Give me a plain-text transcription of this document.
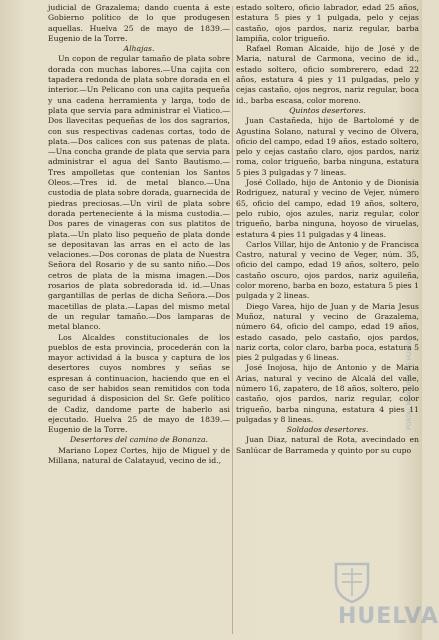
judicial de Grazalema; dando cuenta á este Gobierno político de lo que produgesen aquellas. Huelva 25 de mayo de 1839.—Eugenio de la Torre.

Alhajas.

Un copon de regular tamaño de plata sobre dorada con muchas labores.—Una cajita con tapadera redonda de plata sobre dorada en el interior.—Un Pelicano con una cajita pequeña y una cadena herramienta y larga, todo de plata que servia para administrar el Viatico.—Dos llavecitas pequeñas de los dos sagrarios, con sus respectivas cadenas cortas, todo de plata.—Dos calices con sus patenas de plata.—Una concha grande de plata que servia para administrar el agua del Santo Bautismo.—Tres ampolletas que contenian los Santos Oleos.—Tres id. de metal blanco.—Una custodia de plata sobre dorada, guarnecida de piedras preciosas.—Un viril de plata sobre dorada perteneciente á la misma custodia.—Dos pares de vinageras con sus platitos de plata.—Un plato liso pequeño de plata donde se depositavan las arras en el acto de las velaciones.—Dos coronas de plata de Nuestra Señora del Rosario y de su santo niño.—Dos cetros de plata de la misma imagen.—Dos rosarios de plata sobredorada id. id.—Unas gargantillas de perlas de dicha Señora.—Dos macetillas de plata.—Lapas del mismo metal de un regular tamaño.—Dos lamparas de metal blanco.

Los Alcaldes constitucionales de los pueblos de esta provincia, procederán con la mayor actividad á la busca y captura de los desertores cuyos nombres y señas se espresan á continuacion, haciendo que en el caso de ser habidos sean remitidos con toda seguridad á disposicion del Sr. Gefe político de Cadiz, dandome parte de haberlo asi ejecutado. Huelva 25 de mayo de 1839.—Eugenio de la Torre.

Desertores del camino de Bonanza.

Mariano Lopez Cortes, hijo de Miguel y de Millana, natural de Calatayud, vecino de id.,

estado soltero, oficio labrador, edad 25 años, estatura 5 pies y 1 pulgada, pelo y cejas castaño, ojos pardos, nariz regular, barba lampiña, color trigueño.

Rafael Roman Alcaide, hijo de José y de Maria, natural de Carmona, vecino de id., estado soltero, oficio sombrerero, edad 22 años, estatura 4 pies y 11 pulgadas, pelo y cejas castaño, ojos negros, nariz regular, boca id., barba escasa, color moreno.

Quintos desertores.

Juan Castañeda, hijo de Bartolomé y de Agustina Solano, natural y vecino de Olvera, oficio del campo, edad 19 años, estado soltero, pelo y cejas castaño claro, ojos pardos, nariz roma, color trigueño, barba ninguna, estatura 5 pies 3 pulgadas y 7 lineas.

José Collado, hijo de Antonio y de Dionisia Rodriguez, natural y vecino de Vejer, número 65, oficio del campo, edad 19 años, soltero, pelo rubio, ojos azules, nariz regular, color trigueño, barba ninguna, hoyoso de viruelas, estatura 4 pies 11 pulgadas y 4 lineas.

Carlos Villar, hijo de Antonio y de Francisca Castro, natural y vecino de Veger, núm. 35, oficio del campo, edad 19 años, soltero, pelo castaño oscuro, ojos pardos, nariz aguileña, color moreno, barba en bozo, estatura 5 pies 1 pulgada y 2 lineas.

Diego Varea, hijo de Juan y de Maria Jesus Muñoz, natural y vecino de Grazalema, número 64, oficio del campo, edad 19 años, estado casado, pelo castaño, ojos pardos, nariz corta, color claro, barba poca, estatura 5 pies 2 pulgadas y 6 lineas.

José Inojosa, hijo de Antonio y de Maria Arias, natural y vecino de Alcalá del valle, número 16, zapatero, de 18 años, soltero, pelo castaño, ojos pardos, nariz regular, color trigueño, barba ninguna, estatura 4 pies 11 pulgadas y 8 lineas.

Soldados desertores.

Juan Diaz, natural de Rota, avecindado en Sanlúcar de Barrameda y quinto por su cupo

HUELVA
PORTAL MUNICIPAL DE HUELVA
